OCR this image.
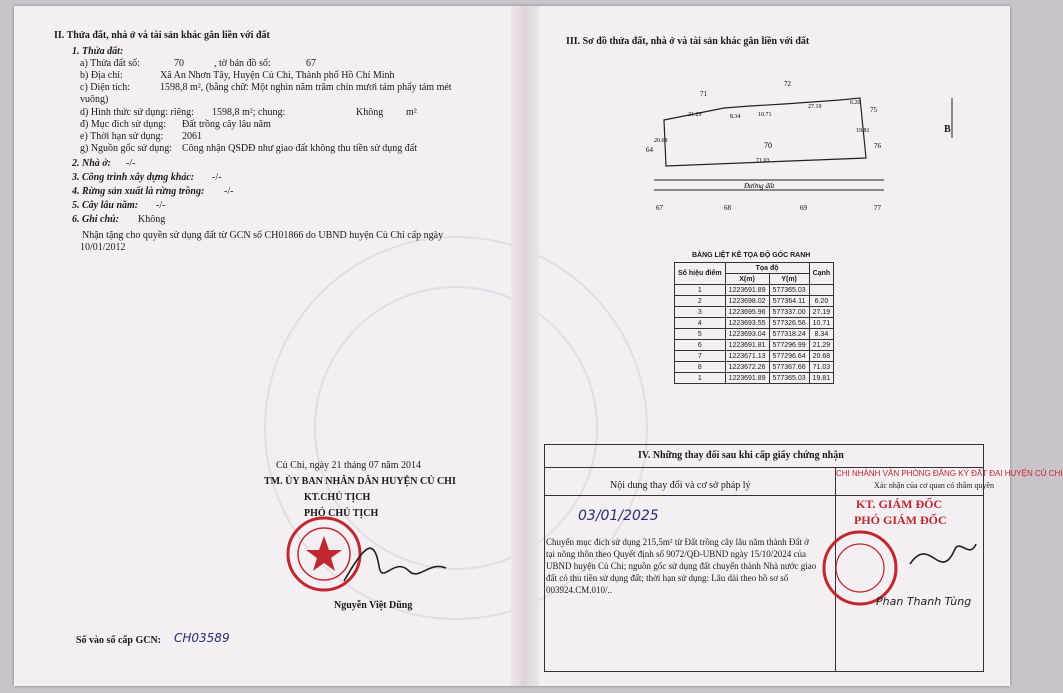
II. Thửa đất, nhà ở và tài sản khác gắn liền với đất
1. Thửa đất:
a) Thửa đất số:	70	, tờ bản đồ số:	67
b) Địa chỉ:	Xã An Nhơn Tây, Huyện Củ Chi, Thành phố Hồ Chí Minh
c) Diện tích:	1598,8 m², (bằng chữ: Một nghìn năm trăm chín mươi tám phẩy tám mét
vuông)
d) Hình thức sử dụng: riêng: 1598,8 m²; chung:	Không m²
đ) Mục đích sử dụng: Đất trồng cây lâu năm
e) Thời hạn sử dụng: 2061
g) Nguồn gốc sử dụng: Công nhận QSDĐ như giao đất không thu tiền sử dụng đất
2. Nhà ở: -/-
3. Công trình xây dựng khác: -/-
4. Rừng sản xuất là rừng trồng: -/-
5. Cây lâu năm: -/-
6. Ghi chú: Không
Nhận tặng cho quyền sử dụng đất từ GCN số CH01866 do UBND huyện Củ Chi cấp ngày
10/01/2012
Củ Chi, ngày 21 tháng 07 năm 2014
TM. ỦY BAN NHÂN DÂN HUYỆN CỦ CHI
KT.CHỦ TỊCH
PHÓ CHỦ TỊCH
Nguyễn Việt Dũng
Số vào sổ cấp GCN: CH03589
III. Sơ đồ thửa đất, nhà ở và tài sản khác gắn liền với đất
71
72
75
76
64
67	68	69	77
70
Đường đất
21.29	8.34	10.71
27.19
6.20
19.81
71.03
20.68
B
BẢNG LIỆT KÊ TỌA ĐỘ GÓC RANH
Số hiệu điểm	Tọa độ		Cạnh
	X(m)	Y(m)	
1	1223691.89	577365.03	
2	1223698.02	577364.11	6.20
3	1223695.96	577337.00	27.19
4	1223693.55	577326.56	10.71
5	1223693.04	577318.24	8.34
6	1223691.81	577296.99	21.29
7	1223671.13	577296.64	20.68
8	1223672.26	577367.66	71.03
1	1223691.89	577365.03	19.81
IV. Những thay đổi sau khi cấp giấy chứng nhận
Nội dung thay đổi và cơ sở pháp lý
CHI NHÁNH VĂN PHÒNG ĐĂNG KÝ ĐẤT ĐAI HUYỆN CỦ CHI
Xác nhận của cơ quan có thẩm quyền
03/01/2025
Chuyển mục đích sử dụng 215,5m² từ Đất trồng cây lâu năm thành Đất ở
tại nông thôn theo Quyết định số 9072/QĐ-UBND ngày 15/10/2024 của
UBND huyện Củ Chi; nguồn gốc sử dụng đất chuyển thành Nhà nước giao
đất có thu tiền sử dụng đất; thời hạn sử dụng: Lâu dài theo hồ sơ số
003924.CM.010/..
KT. GIÁM ĐỐC
PHÓ GIÁM ĐỐC
Phan Thanh Tùng
